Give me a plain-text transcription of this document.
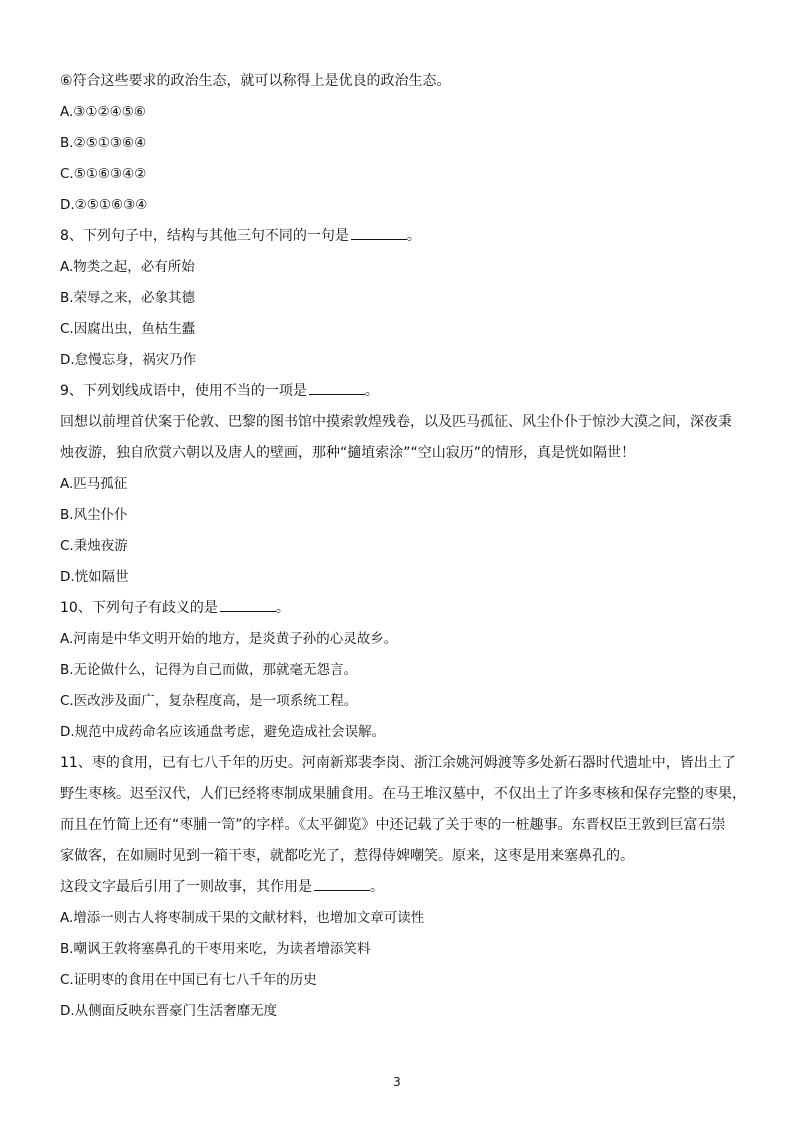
⑥符合这些要求的政治生态，就可以称得上是优良的政治生态。
A.③①②④⑤⑥
B.②⑤①③⑥④
C.⑤①⑥③④②
D.②⑤①⑥③④
8、下列句子中，结构与其他三句不同的一句是	。
A.物类之起，必有所始
B.荣辱之来，必象其德
C.因腐出虫，鱼枯生蠹
D.怠慢忘身，祸灾乃作
9、下列划线成语中，使用不当的一项是	。
回想以前埋首伏案于伦敦、巴黎的图书馆中摸索敦煌残卷，以及匹马孤征、风尘仆仆于惊沙大漠之间，深夜秉
烛夜游，独自欣赏六朝以及唐人的壁画，那种“擿埴索涂”“空山寂历”的情形，真是恍如隔世！
A.匹马孤征
B.风尘仆仆
C.秉烛夜游
D.恍如隔世
10、下列句子有歧义的是	。
A.河南是中华文明开始的地方，是炎黄子孙的心灵故乡。
B.无论做什么，记得为自己而做，那就毫无怨言。
C.医改涉及面广，复杂程度高，是一项系统工程。
D.规范中成药命名应该通盘考虑，避免造成社会误解。
11、枣的食用，已有七八千年的历史。河南新郑裴李岗、浙江余姚河姆渡等多处新石器时代遗址中，皆出土了
野生枣核。迟至汉代，人们已经将枣制成果脯食用。在马王堆汉墓中，不仅出土了许多枣核和保存完整的枣果，
而且在竹简上还有“枣脯一笥”的字样。《太平御览》中还记载了关于枣的一桩趣事。东晋权臣王敦到巨富石崇
家做客，在如厕时见到一箱干枣，就都吃光了，惹得侍婢嘲笑。原来，这枣是用来塞鼻孔的。
这段文字最后引用了一则故事，其作用是	。
A.增添一则古人将枣制成干果的文献材料，也增加文章可读性
B.嘲讽王敦将塞鼻孔的干枣用来吃，为读者增添笑料
C.证明枣的食用在中国已有七八千年的历史
D.从侧面反映东晋豪门生活奢靡无度
3
